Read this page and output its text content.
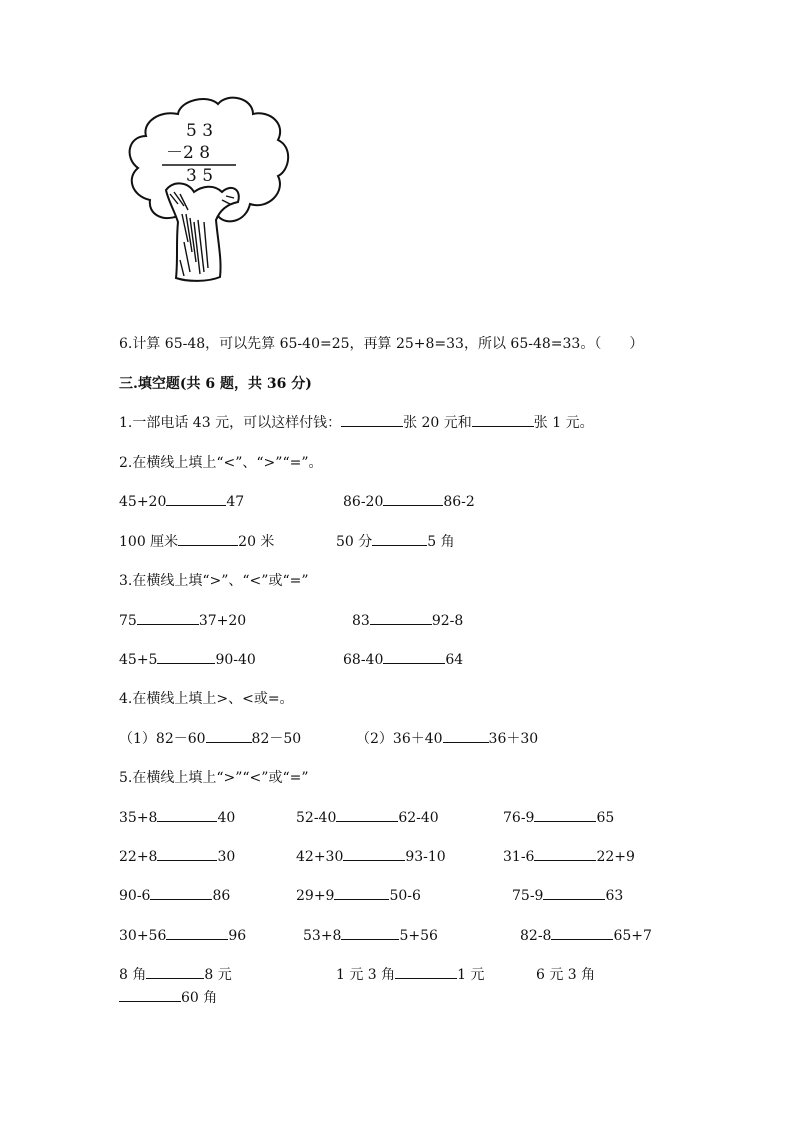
5 3
－2 8
3 5
6.计算 65-48，可以先算 65-40=25，再算 25+8=33，所以 65-48=33。（　　）
三.填空题(共 6 题，共 36 分)
1.一部电话 43 元，可以这样付钱：	张 20 元和	张 1 元。
2.在横线上填上“<”、“>”“=”。
45+20	47	86-20	86-2
100 厘米	20 米	50 分	5 角
3.在横线上填“>”、“<”或“=”
75	37+20	83	92-8
45+5	90-40	68-40	64
4.在横线上填上>、<或=。
（1）82－60	82－50	（2）36＋40	36＋30
5.在横线上填上“>”“<”或“=”
35+8	40	52-40	62-40	76-9	65
22+8	30	42+30	93-10	31-6	22+9
90-6	86	29+9	50-6	75-9	63
30+56	96	53+8	5+56	82-8	65+7
8 角	8 元	1 元 3 角	1 元	6 元 3 角
60 角
